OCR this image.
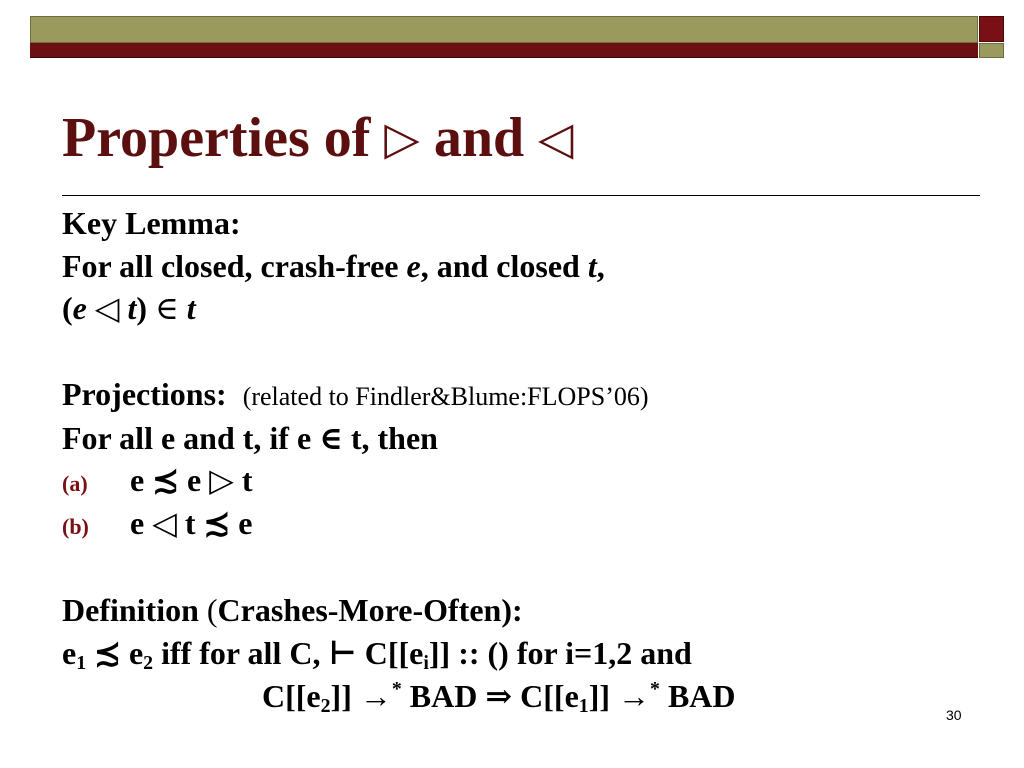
Properties of ▷ and ◁
Key Lemma:
For all closed, crash-free e, and closed t,
(e ◁ t) ∈ t
Projections: (related to Findler&Blume:FLOPS’06)
For all e and t, if e ∈ t, then
(a) e ≾ e ▷ t
(b) e ◁ t ≾ e
Definition (Crashes-More-Often):
$e_1$ ≾ $e_2$ iff for all C, ⊢ $C[[e_i]]$ :: () for i=1,2 and
$C[[e_2]] \to^*$ BAD ⇒ $C[[e_1]] \to^*$ BAD
30
